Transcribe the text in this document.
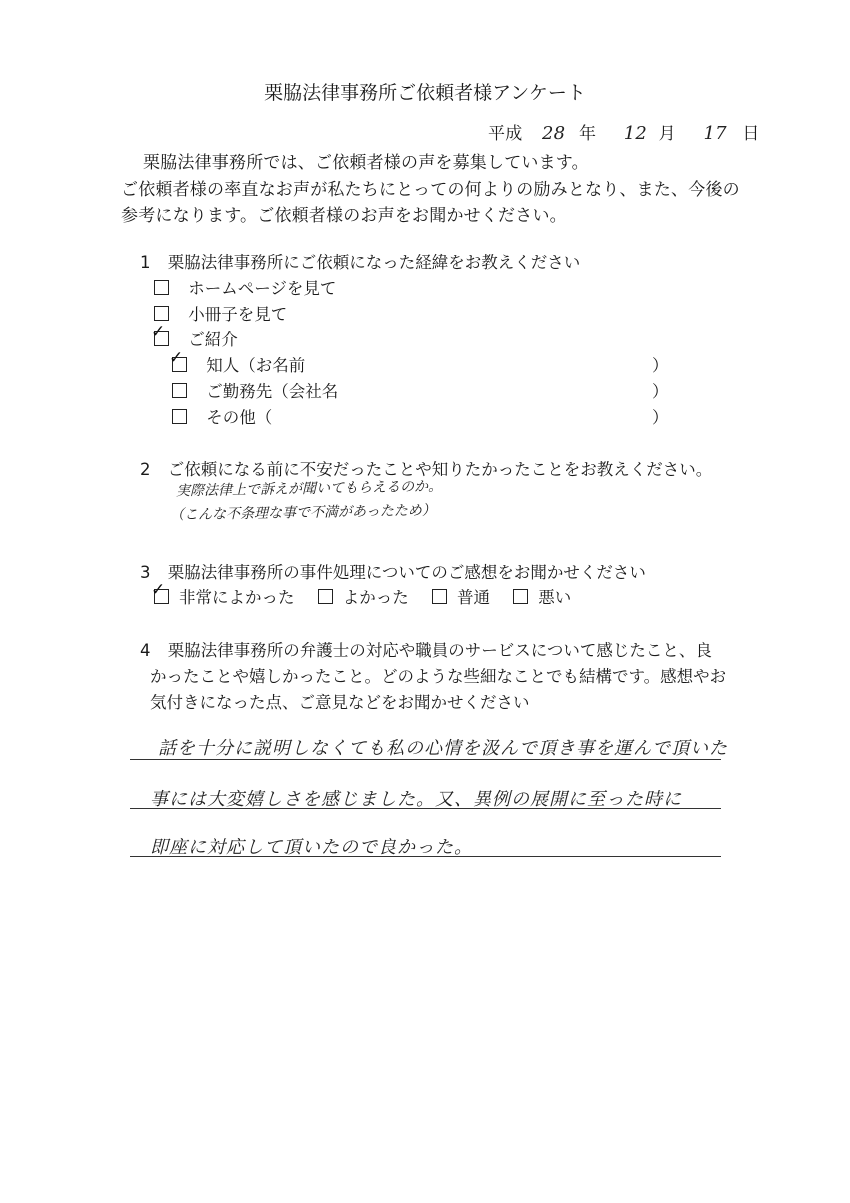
栗脇法律事務所ご依頼者様アンケート
平成 28 年 12 月 17 日
栗脇法律事務所では、ご依頼者様の声を募集しています。
ご依頼者様の率直なお声が私たちにとっての何よりの励みとなり、また、今後の
参考になります。ご依頼者様のお声をお聞かせください。
1 栗脇法律事務所にご依頼になった経緯をお教えください
ホームページを見て
小冊子を見て
✓ ご紹介
✓ 知人（お名前	）
ご勤務先（会社名	）
その他（	）
2 ご依頼になる前に不安だったことや知りたかったことをお教えください。
実際法律上で訴えが聞いてもらえるのか。
（こんな不条理な事で不満があったため）
3 栗脇法律事務所の事件処理についてのご感想をお聞かせください
✓ 非常によかった	よかった	普通	悪い
4 栗脇法律事務所の弁護士の対応や職員のサービスについて感じたこと、良
かったことや嬉しかったこと。どのような些細なことでも結構です。感想やお
気付きになった点、ご意見などをお聞かせください
話を十分に説明しなくても私の心情を汲んで頂き事を運んで頂いた
事には大変嬉しさを感じました。又、異例の展開に至った時に
即座に対応して頂いたので良かった。
